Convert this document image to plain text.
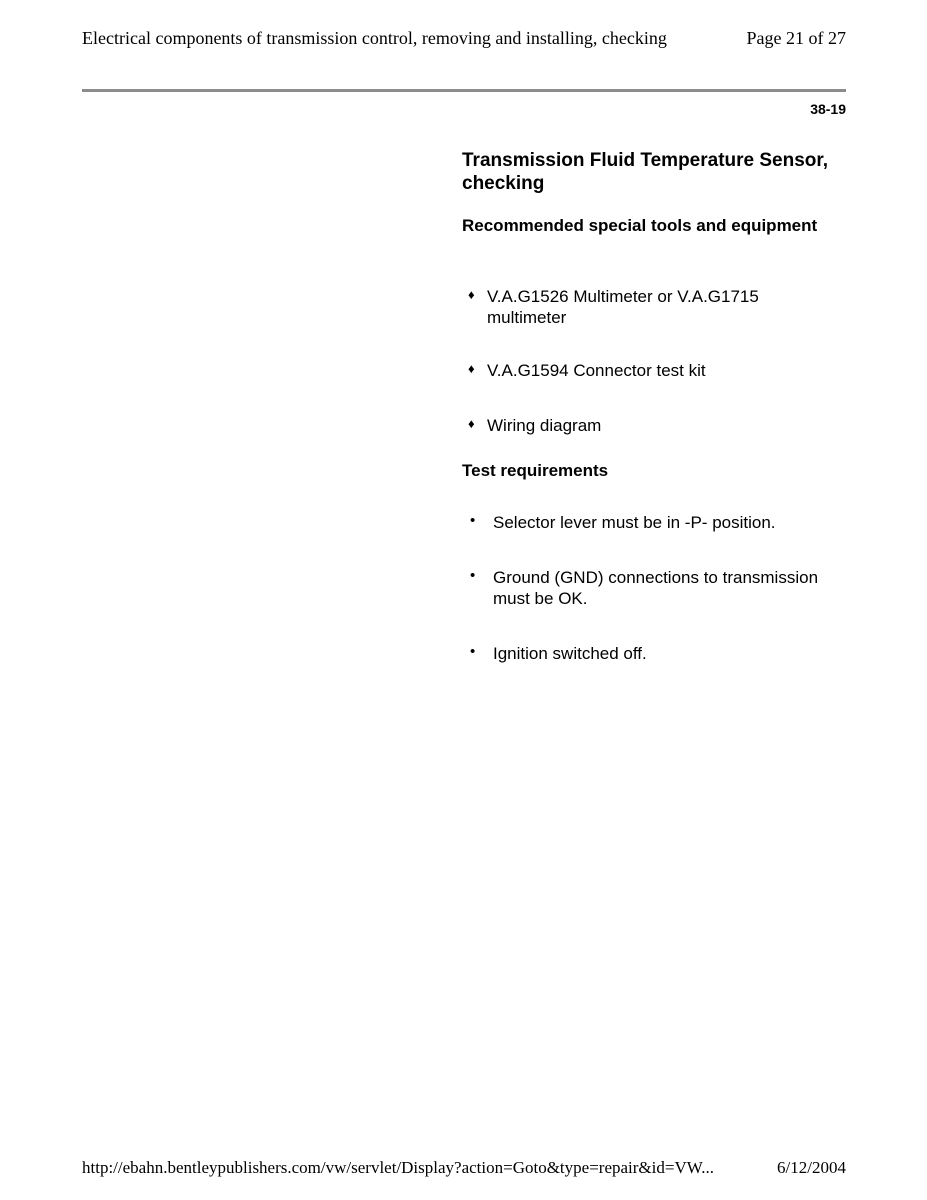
Electrical components of transmission control, removing and installing, checking	Page 21 of 27
38-19
Transmission Fluid Temperature Sensor, checking
Recommended special tools and equipment
♦ V.A.G1526 Multimeter or V.A.G1715 multimeter
♦ V.A.G1594 Connector test kit
♦ Wiring diagram
Test requirements
• Selector lever must be in -P- position.
• Ground (GND) connections to transmission must be OK.
• Ignition switched off.
http://ebahn.bentleypublishers.com/vw/servlet/Display?action=Goto&type=repair&id=VW...	6/12/2004
